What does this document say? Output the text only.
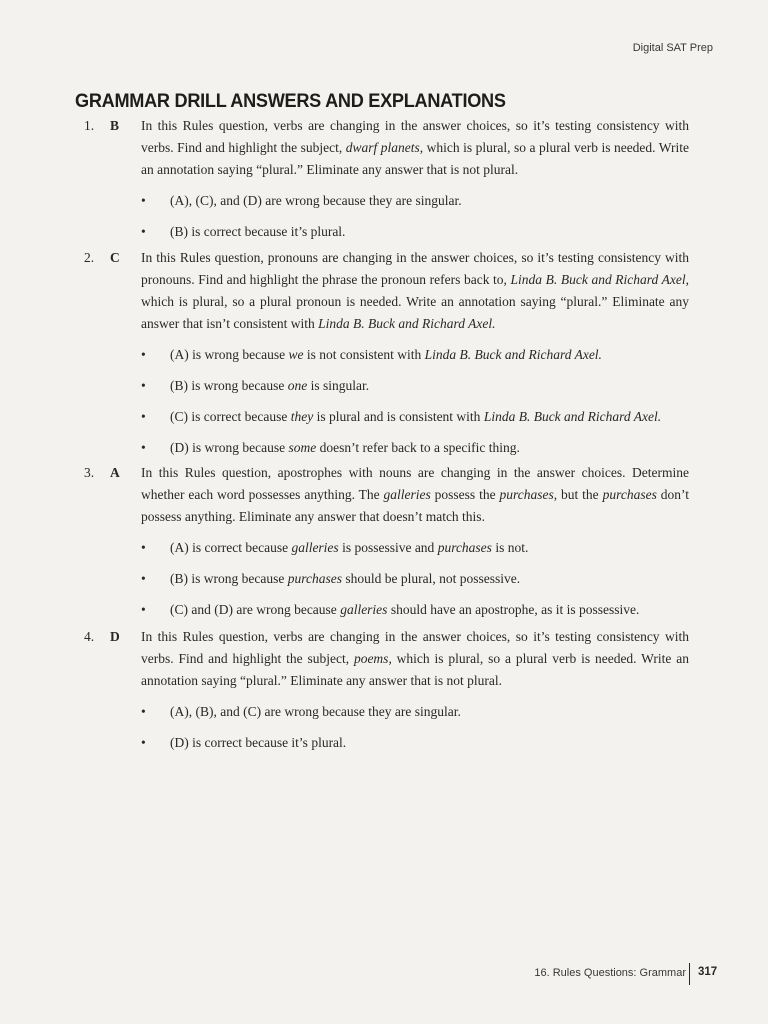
Digital SAT Prep
GRAMMAR DRILL ANSWERS AND EXPLANATIONS
1. B In this Rules question, verbs are changing in the answer choices, so it’s testing consistency with verbs. Find and highlight the subject, dwarf planets, which is plural, so a plural verb is needed. Write an annotation saying “plural.” Eliminate any answer that is not plural.

• (A), (C), and (D) are wrong because they are singular.
• (B) is correct because it’s plural.
2. C In this Rules question, pronouns are changing in the answer choices, so it’s testing consistency with pronouns. Find and highlight the phrase the pronoun refers back to, Linda B. Buck and Richard Axel, which is plural, so a plural pronoun is needed. Write an annotation saying “plural.” Eliminate any answer that isn’t consistent with Linda B. Buck and Richard Axel.

• (A) is wrong because we is not consistent with Linda B. Buck and Richard Axel.
• (B) is wrong because one is singular.
• (C) is correct because they is plural and is consistent with Linda B. Buck and Richard Axel.
• (D) is wrong because some doesn’t refer back to a specific thing.
3. A In this Rules question, apostrophes with nouns are changing in the answer choices. Determine whether each word possesses anything. The galleries possess the purchases, but the purchases don’t possess anything. Eliminate any answer that doesn’t match this.

• (A) is correct because galleries is possessive and purchases is not.
• (B) is wrong because purchases should be plural, not possessive.
• (C) and (D) are wrong because galleries should have an apostrophe, as it is possessive.
4. D In this Rules question, verbs are changing in the answer choices, so it’s testing consistency with verbs. Find and highlight the subject, poems, which is plural, so a plural verb is needed. Write an annotation saying “plural.” Eliminate any answer that is not plural.

• (A), (B), and (C) are wrong because they are singular.
• (D) is correct because it’s plural.
16. Rules Questions: Grammar 317
